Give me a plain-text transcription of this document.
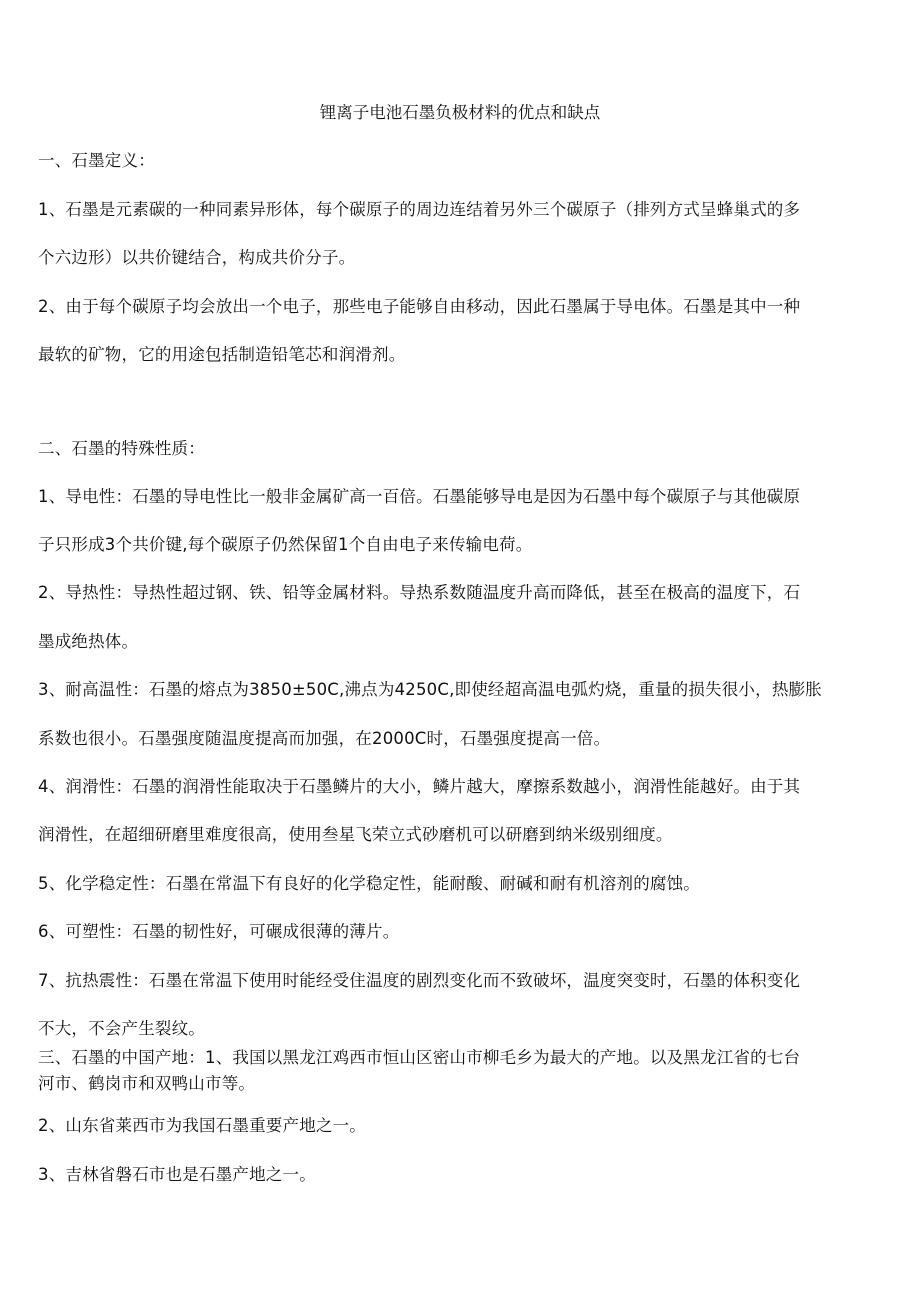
锂离子电池石墨负极材料的优点和缺点
一、石墨定义：
1、石墨是元素碳的一种同素异形体，每个碳原子的周边连结着另外三个碳原子（排列方式呈蜂巢式的多
个六边形）以共价键结合，构成共价分子。
2、由于每个碳原子均会放出一个电子，那些电子能够自由移动，因此石墨属于导电体。石墨是其中一种
最软的矿物，它的用途包括制造铅笔芯和润滑剂。
二、石墨的特殊性质：
1、导电性：石墨的导电性比一般非金属矿高一百倍。石墨能够导电是因为石墨中每个碳原子与其他碳原
子只形成3个共价键,每个碳原子仍然保留1个自由电子来传输电荷。
2、导热性：导热性超过钢、铁、铅等金属材料。导热系数随温度升高而降低，甚至在极高的温度下，石
墨成绝热体。
3、耐高温性：石墨的熔点为3850±50C,沸点为4250C,即使经超高温电弧灼烧，重量的损失很小，热膨胀
系数也很小。石墨强度随温度提高而加强，在2000C时，石墨强度提高一倍。
4、润滑性：石墨的润滑性能取决于石墨鳞片的大小，鳞片越大，摩擦系数越小，润滑性能越好。由于其
润滑性，在超细研磨里难度很高，使用叁星飞荣立式砂磨机可以研磨到纳米级别细度。
5、化学稳定性：石墨在常温下有良好的化学稳定性，能耐酸、耐碱和耐有机溶剂的腐蚀。
6、可塑性：石墨的韧性好，可碾成很薄的薄片。
7、抗热震性：石墨在常温下使用时能经受住温度的剧烈变化而不致破坏，温度突变时，石墨的体积变化
不大，不会产生裂纹。
三、石墨的中国产地：1、我国以黑龙江鸡西市恒山区密山市柳毛乡为最大的产地。以及黑龙江省的七台
河市、鹤岗市和双鸭山市等。
2、山东省莱西市为我国石墨重要产地之一。
3、吉林省磐石市也是石墨产地之一。
